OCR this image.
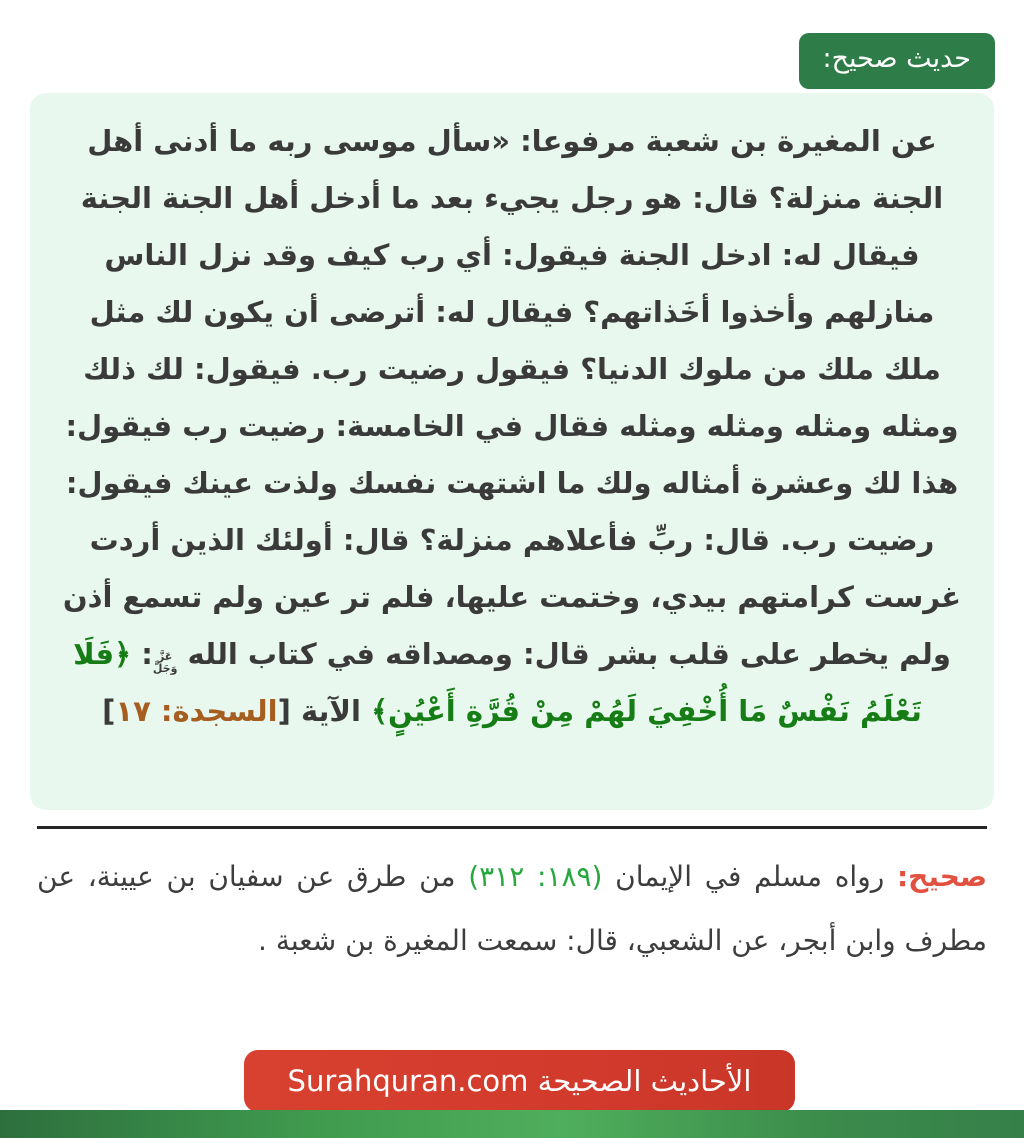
حديث صحيح:

عن المغيرة بن شعبة مرفوعا: «سأل موسى ربه ما أدنى أهل الجنة منزلة؟ قال: هو رجل يجيء بعد ما أدخل أهل الجنة الجنة فيقال له: ادخل الجنة فيقول: أي رب كيف وقد نزل الناس منازلهم وأخذوا أخَذاتهم؟ فيقال له: أترضى أن يكون لك مثل ملك ملك من ملوك الدنيا؟ فيقول رضيت رب. فيقول: لك ذلك ومثله ومثله ومثله ومثله فقال في الخامسة: رضيت رب فيقول: هذا لك وعشرة أمثاله ولك ما اشتهت نفسك ولذت عينك فيقول: رضيت رب. قال: ربِّ فأعلاهم منزلة؟ قال: أولئك الذين أردت غرست كرامتهم بيدي، وختمت عليها، فلم تر عين ولم تسمع أذن ولم يخطر على قلب بشر قال: ومصداقه في كتاب الله
عَزَّ
وَجَلَّ
: ﴿فَلَا تَعْلَمُ نَفْسٌ مَا أُخْفِيَ لَهُمْ مِنْ قُرَّةِ أَعْيُنٍ﴾ الآية [السجدة: ١٧]

صحيح: رواه مسلم في الإيمان (١٨٩: ٣١٢) من طرق عن سفيان بن عيينة، عن مطرف وابن أبجر، عن الشعبي، قال: سمعت المغيرة بن شعبة .

الأحاديث الصحيحة Surahquran.com
